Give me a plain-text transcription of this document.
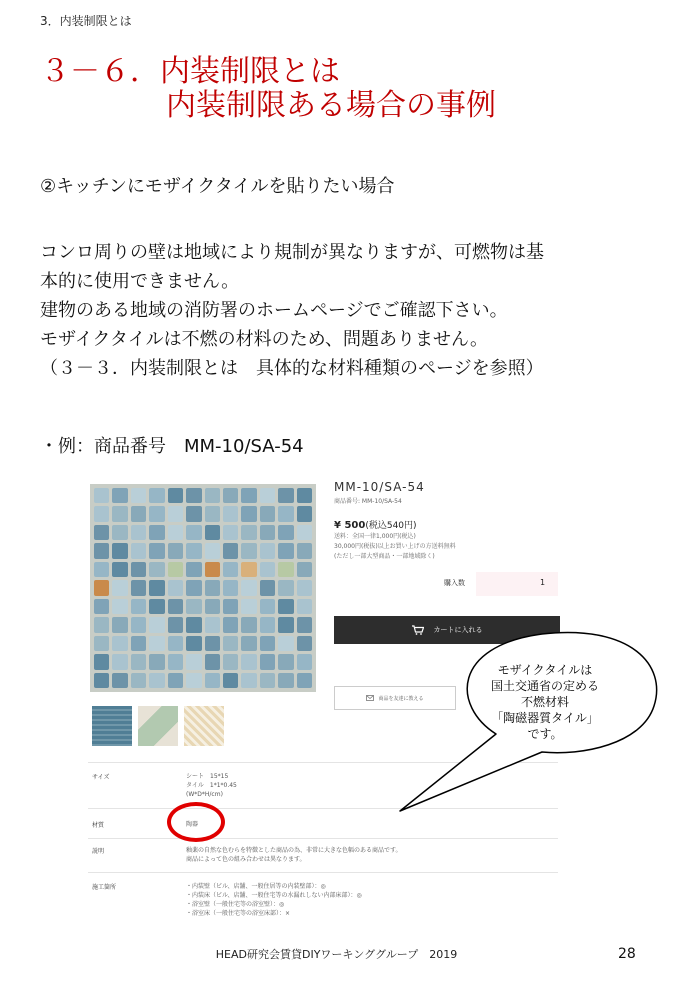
3．内装制限とは
３－６．内装制限とは
内装制限ある場合の事例
②キッチンにモザイクタイルを貼りたい場合
コンロ周りの壁は地域により規制が異なりますが、可燃物は基
本的に使用できません。
建物のある地域の消防署のホームページでご確認下さい。
モザイクタイルは不燃の材料のため、問題ありません。
（３－３．内装制限とは　具体的な材料種類のページを参照）
・例：商品番号　MM-10/SA-54
MM-10/SA-54
商品番号: MM-10/SA-54
¥ 500(税込540円)
送料：全国一律1,000円(税込)
30,000円(税抜)以上お買い上げの方送料無料
(ただし一部大型商品・一部地域除く)
購入数	1
カートに入れる
商品を友達に教える
サイズ	シート　15*15
タイル　1*1*0.45
(W*D*H/cm)
材質	陶器
説明	釉薬の自然な色むらを特徴とした商品の為、非常に大きな色幅のある商品です。
商品によって色の組み合わせは異なります。
施工箇所	・内装壁（ビル、店舗、一般住居等の内装壁部）：◎
・内装床（ビル、店舗、一般住宅等の水漏れしない内部床部）：◎
・浴室壁（一般住宅等の浴室壁）：◎
・浴室床（一般住宅等の浴室床部）：×
モザイクタイルは
国土交通省の定める
不燃材料
「陶磁器質タイル」
です。
HEAD研究会賃貸DIYワーキンググループ　2019	28
